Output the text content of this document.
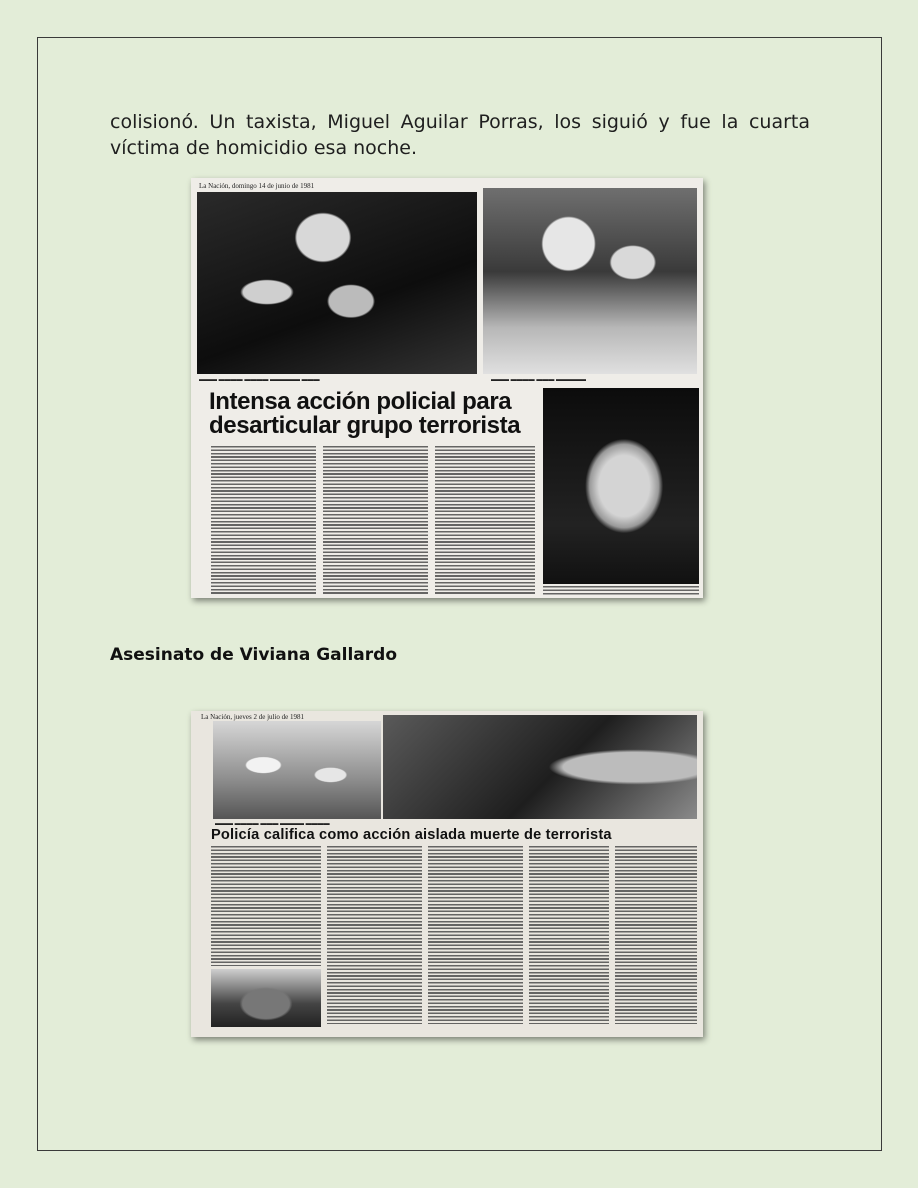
colisionó. Un taxista, Miguel Aguilar Porras, los siguió y fue la cuarta víctima de homicidio esa noche.

La Nación, domingo 14 de junio de 1981
▬▬▬ ▬▬▬▬ ▬▬▬▬ ▬▬▬▬▬ ▬▬▬	▬▬▬ ▬▬▬▬ ▬▬▬ ▬▬▬▬▬
Intensa acción policial para
desarticular grupo terrorista
Asesinato de Viviana Gallardo
La Nación, jueves 2 de julio de 1981
▬▬▬ ▬▬▬▬ ▬▬▬ ▬▬▬▬ ▬▬▬▬
Policía califica como acción aislada muerte de terrorista
